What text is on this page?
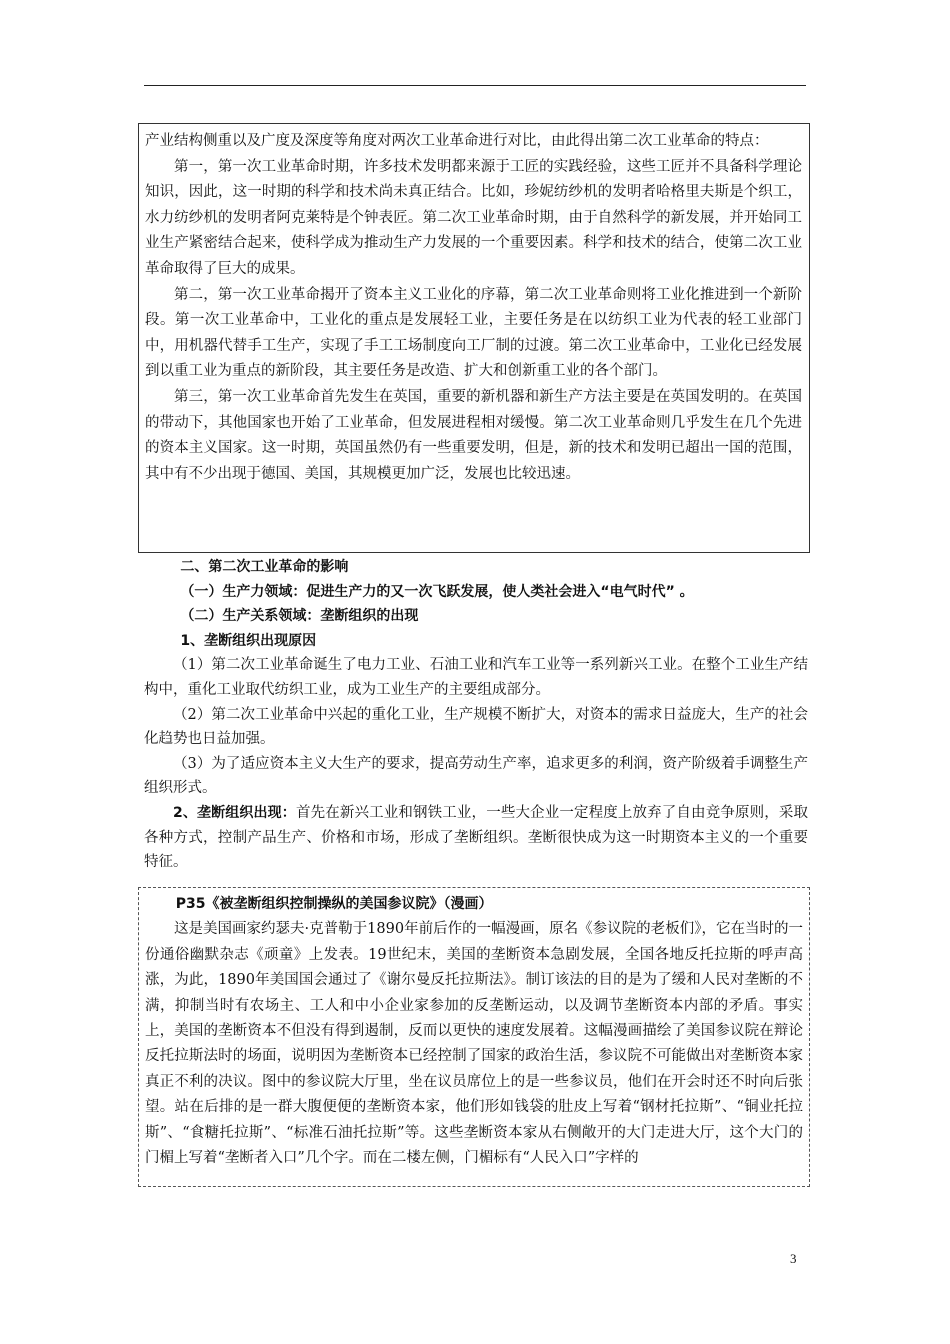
产业结构侧重以及广度及深度等角度对两次工业革命进行对比，由此得出第二次工业革命的特点：

第一，第一次工业革命时期，许多技术发明都来源于工匠的实践经验，这些工匠并不具备科学理论知识，因此，这一时期的科学和技术尚未真正结合。比如，珍妮纺纱机的发明者哈格里夫斯是个织工，水力纺纱机的发明者阿克莱特是个钟表匠。第二次工业革命时期，由于自然科学的新发展，并开始同工业生产紧密结合起来，使科学成为推动生产力发展的一个重要因素。科学和技术的结合，使第二次工业革命取得了巨大的成果。

第二，第一次工业革命揭开了资本主义工业化的序幕，第二次工业革命则将工业化推进到一个新阶段。第一次工业革命中，工业化的重点是发展轻工业，主要任务是在以纺织工业为代表的轻工业部门中，用机器代替手工生产，实现了手工工场制度向工厂制的过渡。第二次工业革命中，工业化已经发展到以重工业为重点的新阶段，其主要任务是改造、扩大和创新重工业的各个部门。

第三，第一次工业革命首先发生在英国，重要的新机器和新生产方法主要是在英国发明的。在英国的带动下，其他国家也开始了工业革命，但发展进程相对缓慢。第二次工业革命则几乎发生在几个先进的资本主义国家。这一时期，英国虽然仍有一些重要发明，但是，新的技术和发明已超出一国的范围，其中有不少出现于德国、美国，其规模更加广泛，发展也比较迅速。

二、第二次工业革命的影响

（一）生产力领域：促进生产力的又一次飞跃发展，使人类社会进入“电气时代” 。

（二）生产关系领域：垄断组织的出现

1、垄断组织出现原因

（1）第二次工业革命诞生了电力工业、石油工业和汽车工业等一系列新兴工业。在整个工业生产结构中，重化工业取代纺织工业，成为工业生产的主要组成部分。

（2）第二次工业革命中兴起的重化工业，生产规模不断扩大，对资本的需求日益庞大，生产的社会化趋势也日益加强。

（3）为了适应资本主义大生产的要求，提高劳动生产率，追求更多的利润，资产阶级着手调整生产组织形式。

2、垄断组织出现：首先在新兴工业和钢铁工业，一些大企业一定程度上放弃了自由竞争原则，采取各种方式，控制产品生产、价格和市场，形成了垄断组织。垄断很快成为这一时期资本主义的一个重要特征。

P35《被垄断组织控制操纵的美国参议院》（漫画）

这是美国画家约瑟夫·克普勒于1890年前后作的一幅漫画，原名《参议院的老板们》，它在当时的一份通俗幽默杂志《顽童》上发表。19世纪末，美国的垄断资本急剧发展，全国各地反托拉斯的呼声高涨，为此，1890年美国国会通过了《谢尔曼反托拉斯法》。制订该法的目的是为了缓和人民对垄断的不满，抑制当时有农场主、工人和中小企业家参加的反垄断运动，以及调节垄断资本内部的矛盾。事实上，美国的垄断资本不但没有得到遏制，反而以更快的速度发展着。这幅漫画描绘了美国参议院在辩论反托拉斯法时的场面，说明因为垄断资本已经控制了国家的政治生活，参议院不可能做出对垄断资本家真正不利的决议。图中的参议院大厅里，坐在议员席位上的是一些参议员，他们在开会时还不时向后张望。站在后排的是一群大腹便便的垄断资本家，他们形如钱袋的肚皮上写着“钢材托拉斯”、“铜业托拉斯”、“食糖托拉斯”、“标准石油托拉斯”等。这些垄断资本家从右侧敞开的大门走进大厅，这个大门的门楣上写着“垄断者入口”几个字。而在二楼左侧，门楣标有“人民入口”字样的

3
